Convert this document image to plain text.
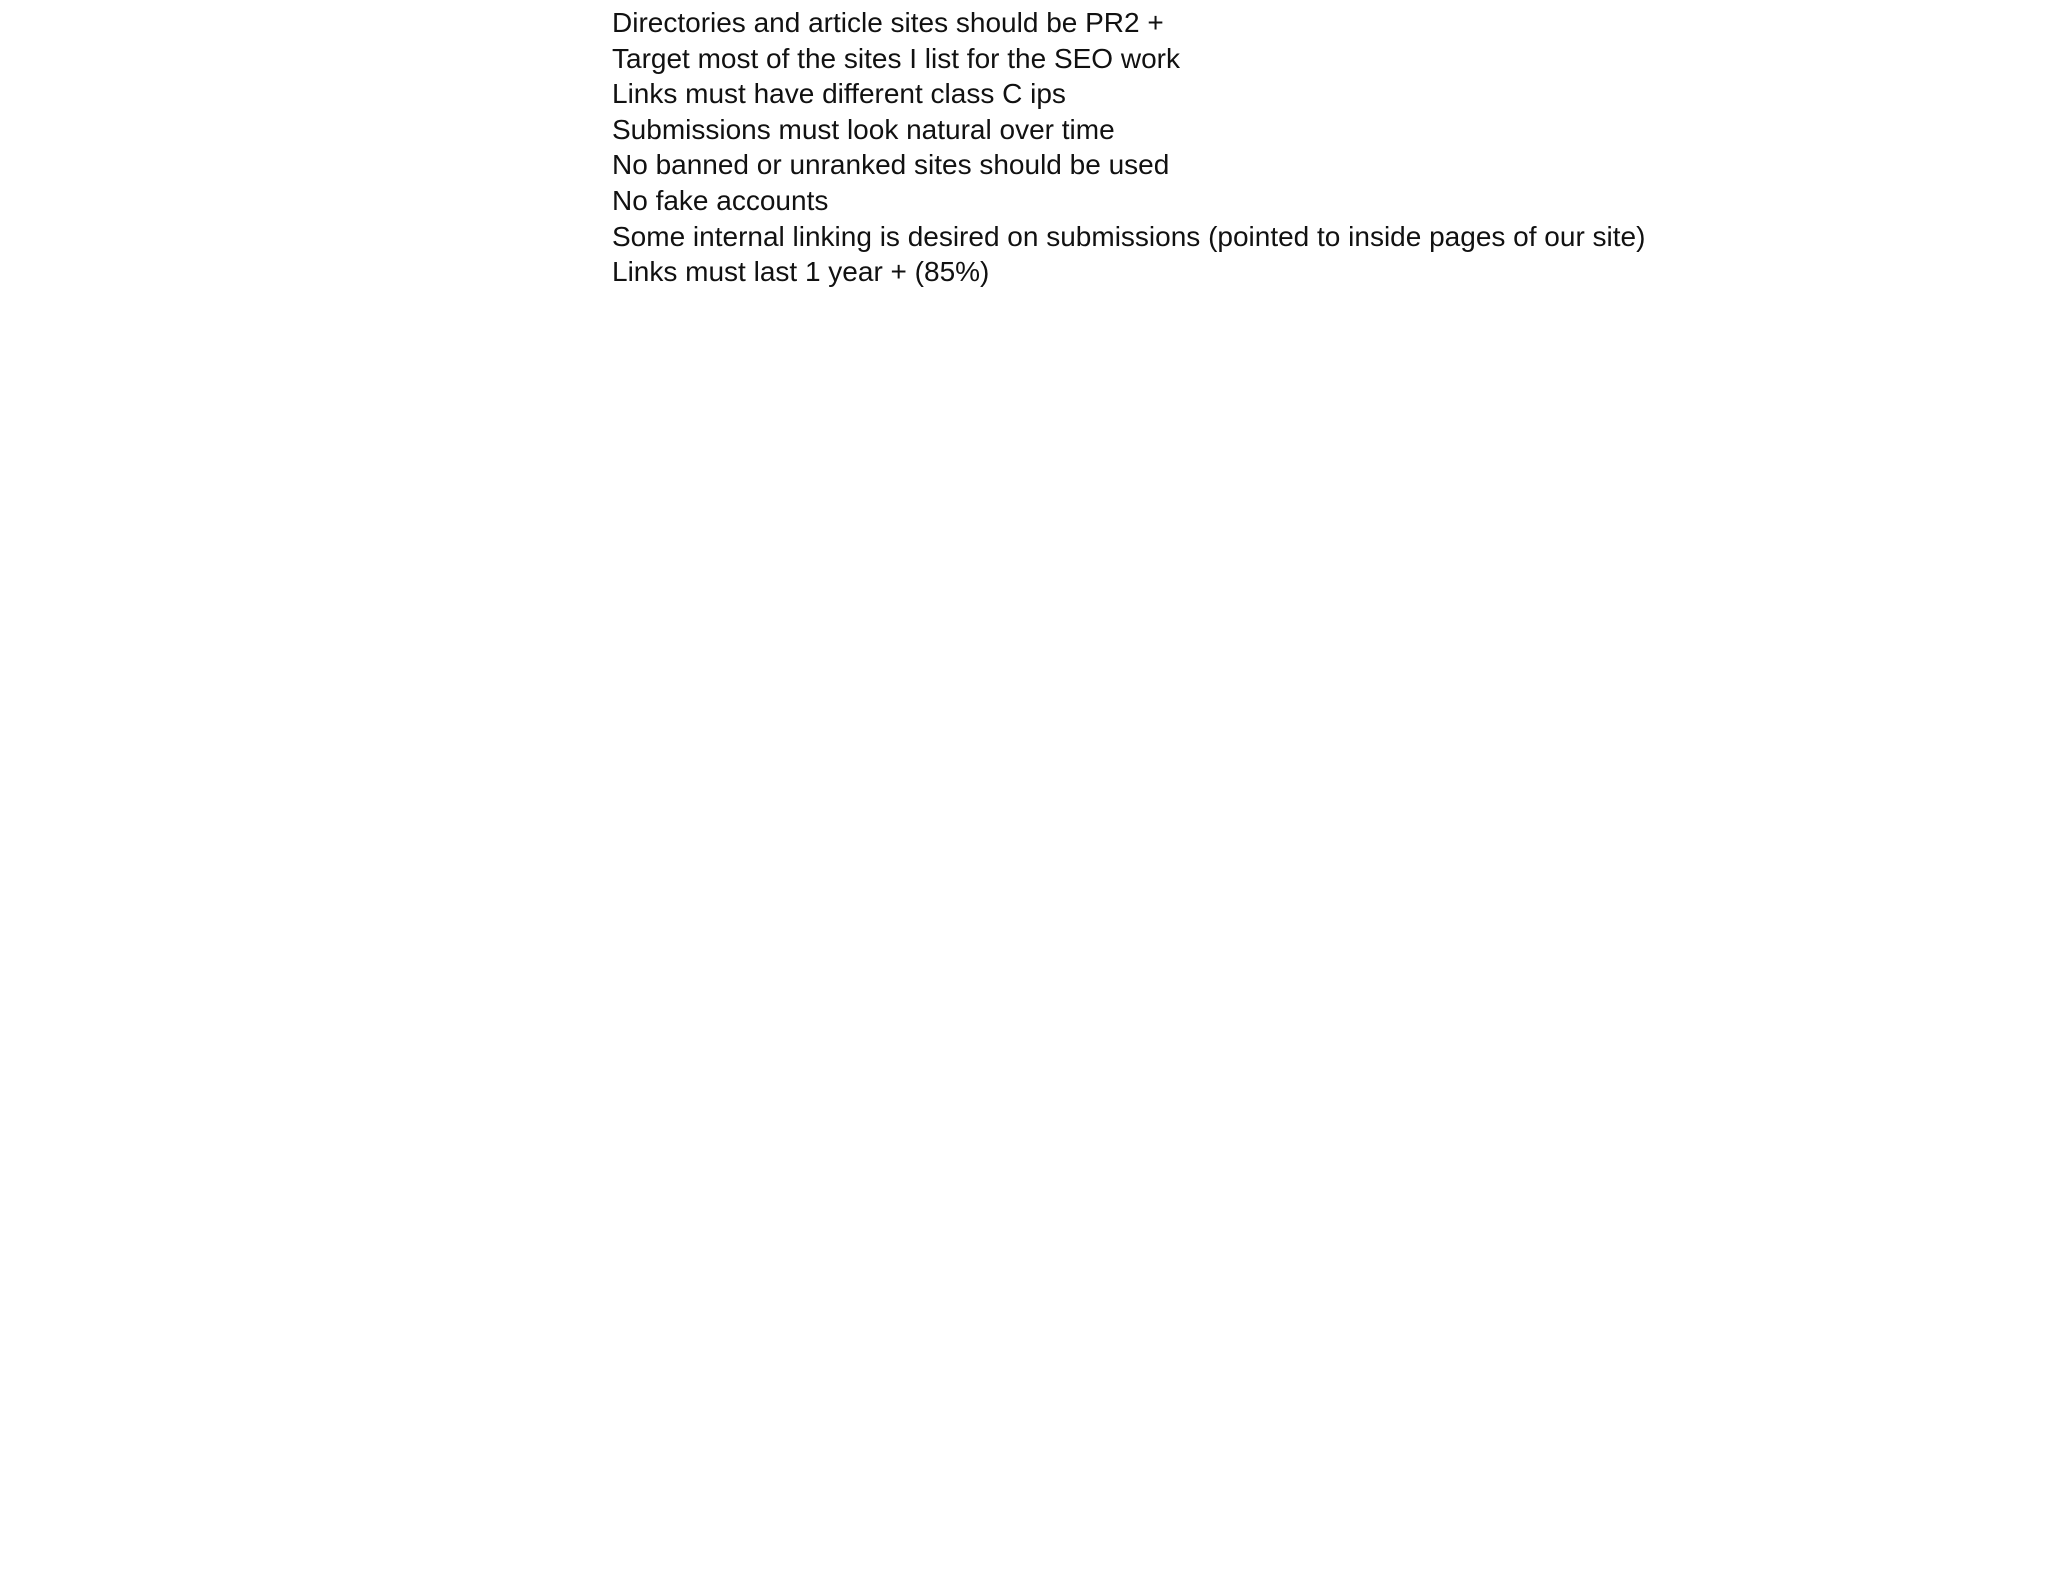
Directories and article sites should be PR2 +
Target most of the sites I list for the SEO work
Links must have different class C ips
Submissions must look natural over time
No banned or unranked sites should be used
No fake accounts
Some internal linking is desired on submissions (pointed to inside pages of our site)
Links must last 1 year + (85%)
